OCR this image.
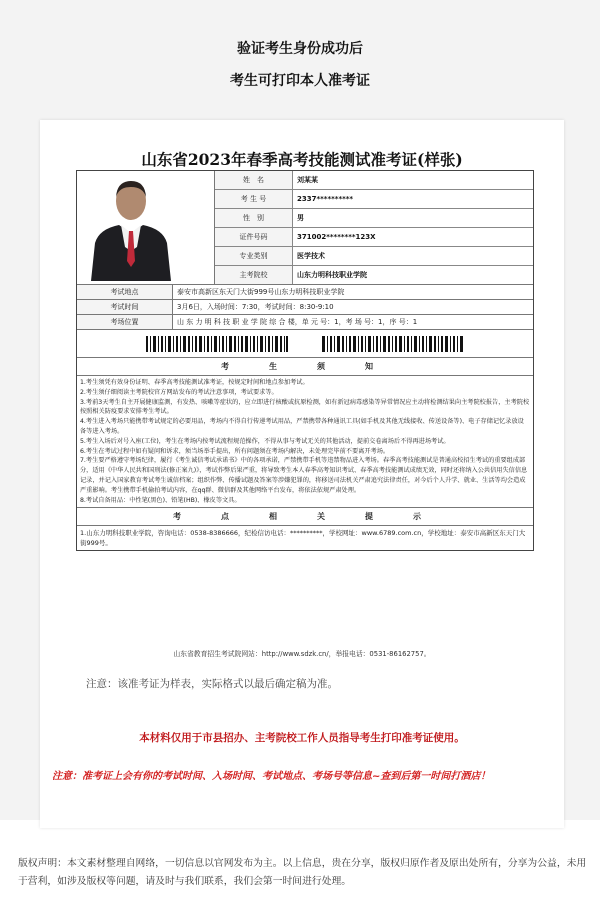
验证考生身份成功后
考生可打印本人准考证
山东省2023年春季高考技能测试准考证(样张)
姓　名	刘某某
考 生 号	2337**********
性　别	男
证件号码	371002********123X
专业类别	医学技术
主考院校	山东力明科技职业学院
考试地点	泰安市高新区东天门大街999号山东力明科技职业学院
考试时间	3月6日，入场时间：7:30，考试时间：8:30-9:10
考场位置	山 东 力 明 科 技 职 业 学 院 综 合 楼，单 元 号：1，考 场 号：1，序 号：1
考　生　须　知

1.考生须凭有效身份证明、春季高考技能测试准考证，按规定时间和地点参加考试。

2.考生须仔细阅读主考院校官方网站发布的考试注意事项，考试要求等。

3.考前3天考生自主开展健康监测，有发热、咳嗽等症状的，应立即进行核酸或抗原检测，如有新冠病毒感染等异常情况应主动将检测结果向主考院校报告，主考院校按照相关防疫要求安排考生考试。

4.考生进入考场只能携带考试规定的必要用品，考场内不得自行传递考试用品，严禁携带各种通讯工具(如手机及其他无线接收、传送设备等)、电子存储记忆录放设备等进入考场。

5.考生入场后对号入座(工位)，考生在考场内按考试流程规范操作，不得从事与考试无关的其他活动，提前交卷离场后不得再进场考试。

6.考生在考试过程中如有疑问和诉求，须当场举手提出，所有问题须在考场内解决，未处理完毕前不要离开考场。

7.考生要严格遵守考场纪律，履行《考生诚信考试承诺书》中的各项承诺，严禁携带手机等违禁物品进入考场。春季高考技能测试是普通高校招生考试的重要组成部分，适用《中华人民共和国刑法(修正案九)》，考试作弊后果严重，将导致考生本人春季高考知识考试、春季高考技能测试成绩无效，同时还将纳入公共信用失信信息记录，并记入国家教育考试考生诚信档案；组织作弊、传播试题及答案等涉嫌犯罪的，将移送司法机关严肃追究法律责任，对今后个人升学、就业、生活等均会造成严重影响。考生携带手机偷拍考试内容，在qq群、微信群及其他网络平台发布，将依法依规严肃处理。

8.考试自备用品：中性笔(黑色)、铅笔(HB)、橡皮等文具。

考　点　相　关　提　示

1.山东力明科技职业学院，咨询电话：0538-8386666，纪检信访电话：**********，学校网址：www.6789.com.cn，学校地址：泰安市高新区东天门大街999号。

山东省教育招生考试院网站：http://www.sdzk.cn/，举报电话：0531-86162757。
注意：该准考证为样表，实际格式以最后确定稿为准。
本材料仅用于市县招办、主考院校工作人员指导考生打印准考证使用。
注意：准考证上会有你的考试时间、入场时间、考试地点、考场号等信息~查到后第一时间打酒店！
版权声明：本文素材整理自网络，一切信息以官网发布为主。以上信息，贵在分享，版权归原作者及原出处所有，分享为公益，未用于营利，如涉及版权等问题，请及时与我们联系，我们会第一时间进行处理。
